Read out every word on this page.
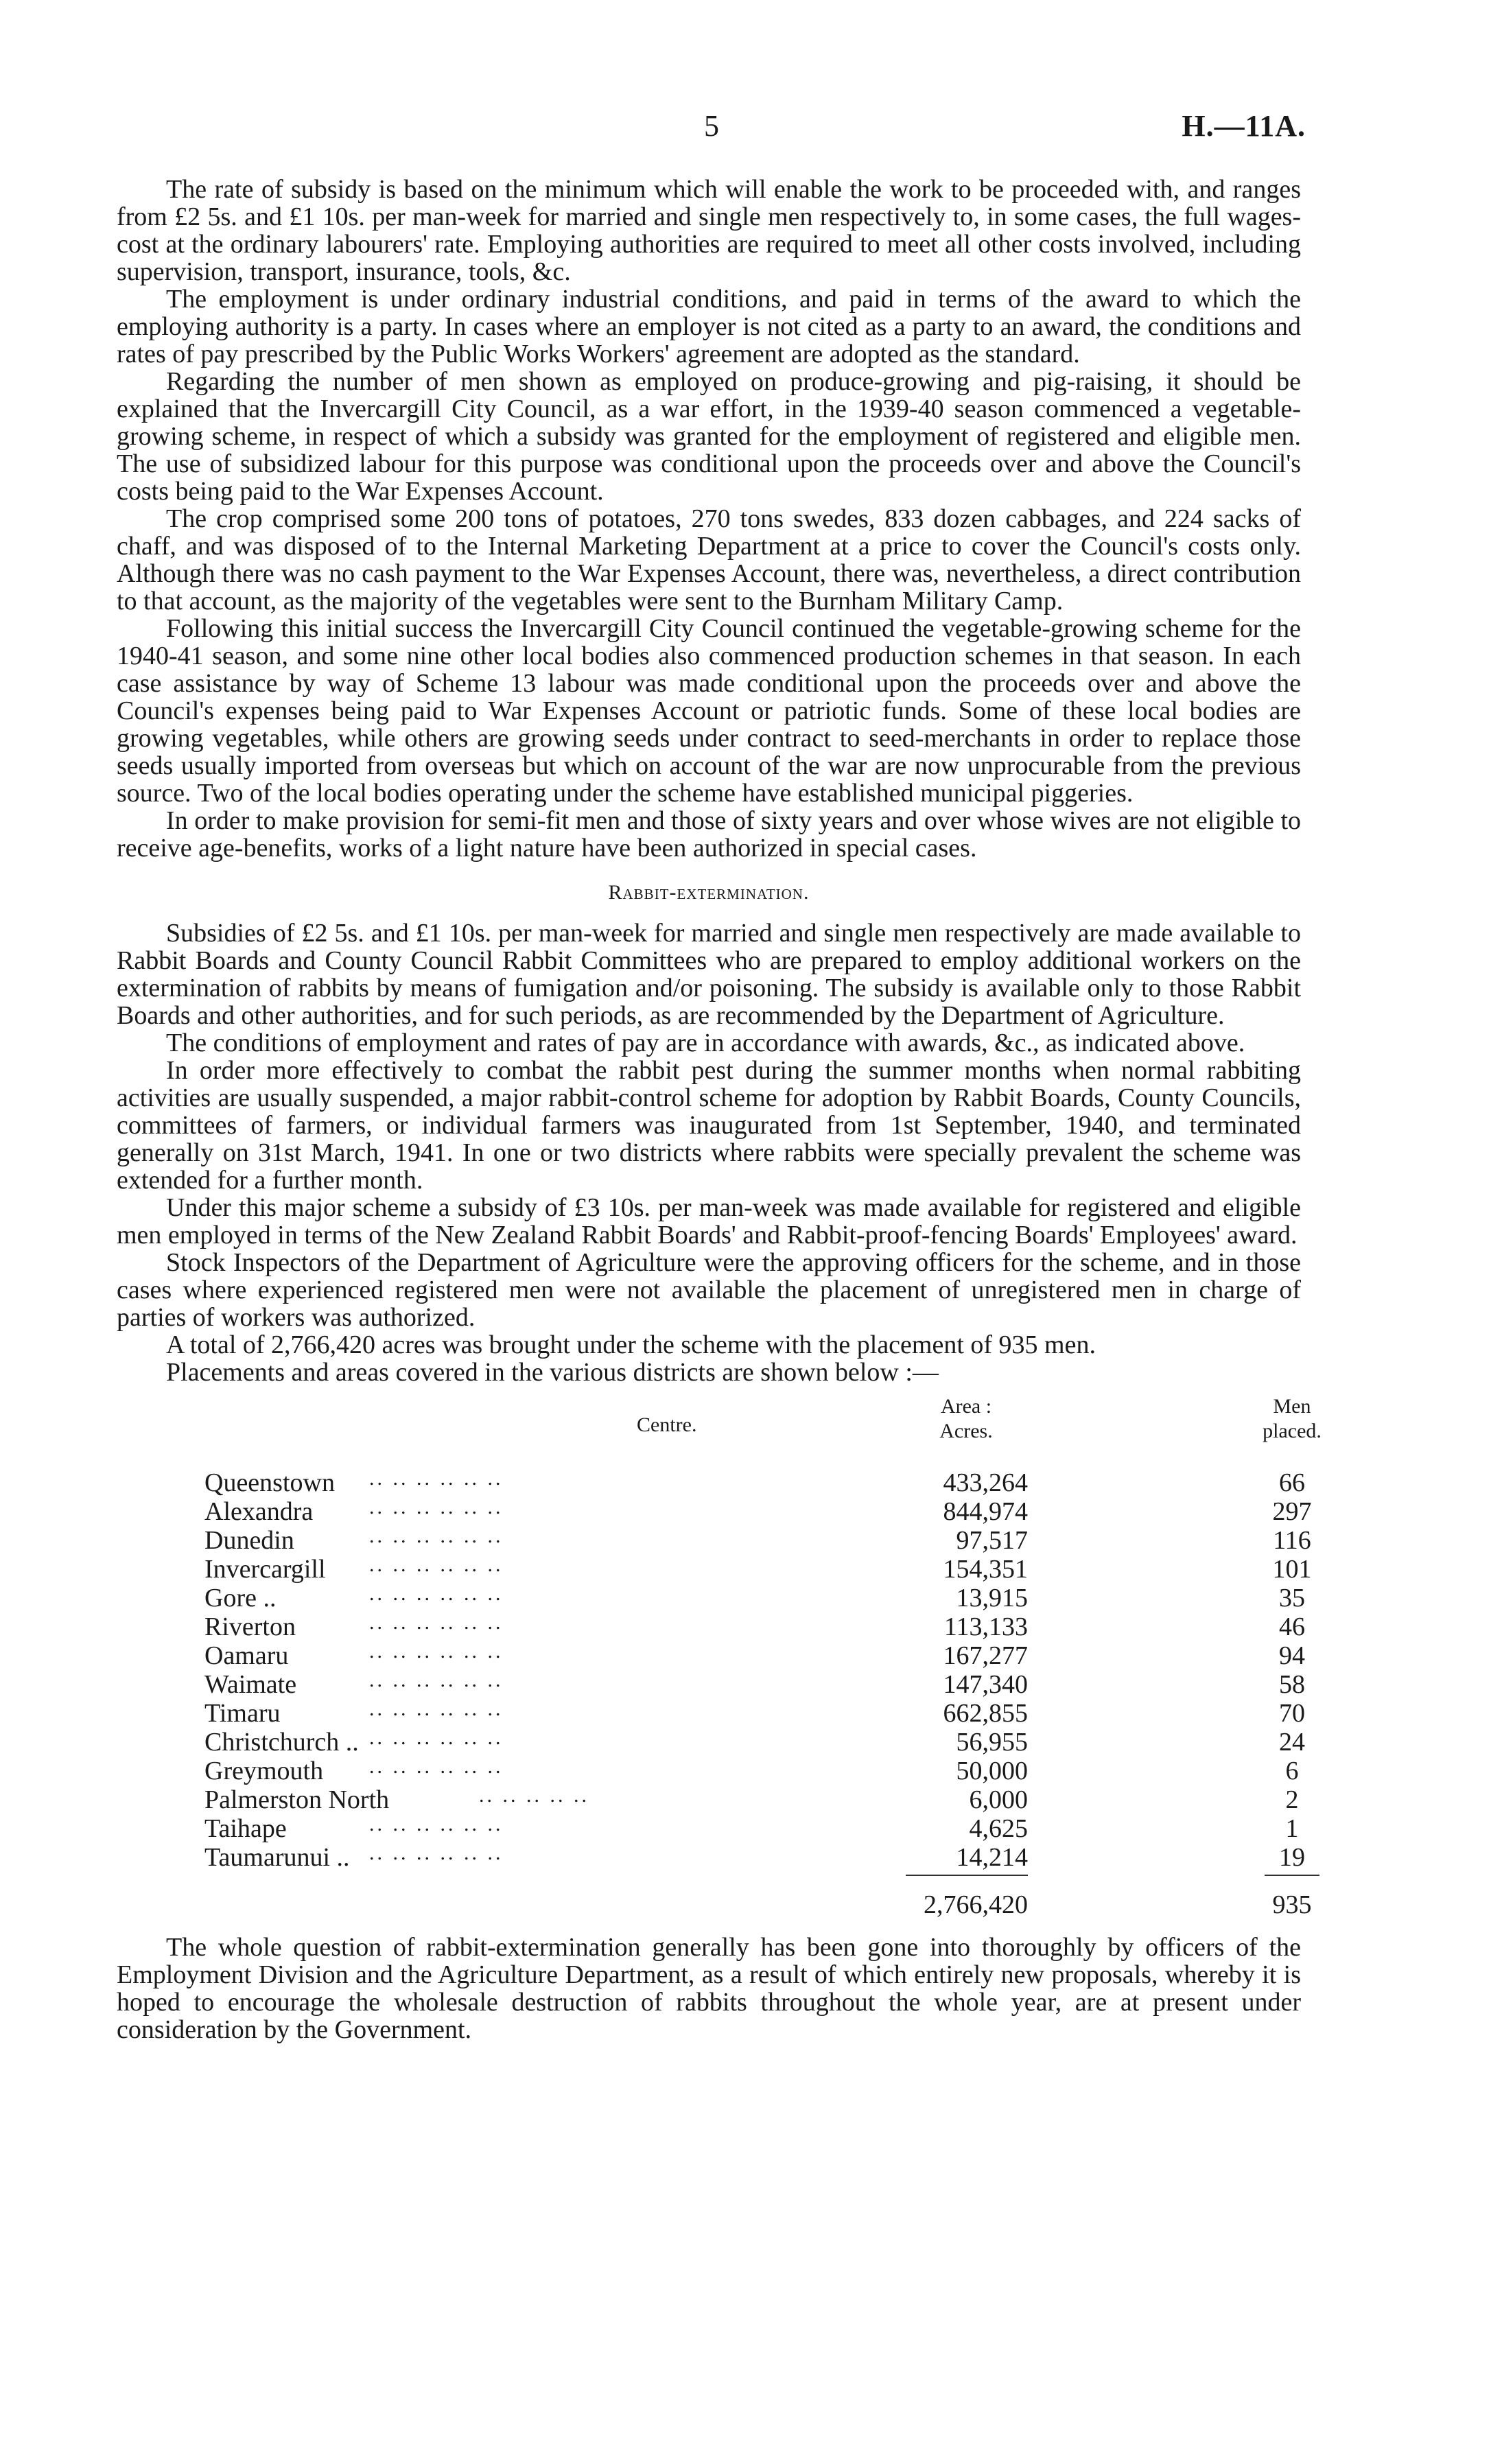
5	H.—11A.

The rate of subsidy is based on the minimum which will enable the work to be proceeded with, and ranges from £2 5s. and £1 10s. per man-week for married and single men respectively to, in some cases, the full wages-cost at the ordinary labourers' rate. Employing authorities are required to meet all other costs involved, including supervision, transport, insurance, tools, &c.

The employment is under ordinary industrial conditions, and paid in terms of the award to which the employing authority is a party. In cases where an employer is not cited as a party to an award, the conditions and rates of pay prescribed by the Public Works Workers' agreement are adopted as the standard.

Regarding the number of men shown as employed on produce-growing and pig-raising, it should be explained that the Invercargill City Council, as a war effort, in the 1939-40 season commenced a vegetable-growing scheme, in respect of which a subsidy was granted for the employment of registered and eligible men. The use of subsidized labour for this purpose was conditional upon the proceeds over and above the Council's costs being paid to the War Expenses Account.

The crop comprised some 200 tons of potatoes, 270 tons swedes, 833 dozen cabbages, and 224 sacks of chaff, and was disposed of to the Internal Marketing Department at a price to cover the Council's costs only. Although there was no cash payment to the War Expenses Account, there was, nevertheless, a direct contribution to that account, as the majority of the vegetables were sent to the Burnham Military Camp.

Following this initial success the Invercargill City Council continued the vegetable-growing scheme for the 1940-41 season, and some nine other local bodies also commenced production schemes in that season. In each case assistance by way of Scheme 13 labour was made conditional upon the proceeds over and above the Council's expenses being paid to War Expenses Account or patriotic funds. Some of these local bodies are growing vegetables, while others are growing seeds under contract to seed-merchants in order to replace those seeds usually imported from overseas but which on account of the war are now unprocurable from the previous source. Two of the local bodies operating under the scheme have established municipal piggeries.

In order to make provision for semi-fit men and those of sixty years and over whose wives are not eligible to receive age-benefits, works of a light nature have been authorized in special cases.

Rabbit-extermination.

Subsidies of £2 5s. and £1 10s. per man-week for married and single men respectively are made available to Rabbit Boards and County Council Rabbit Committees who are prepared to employ additional workers on the extermination of rabbits by means of fumigation and/or poisoning. The subsidy is available only to those Rabbit Boards and other authorities, and for such periods, as are recommended by the Department of Agriculture.

The conditions of employment and rates of pay are in accordance with awards, &c., as indicated above.

In order more effectively to combat the rabbit pest during the summer months when normal rabbiting activities are usually suspended, a major rabbit-control scheme for adoption by Rabbit Boards, County Councils, committees of farmers, or individual farmers was inaugurated from 1st September, 1940, and terminated generally on 31st March, 1941. In one or two districts where rabbits were specially prevalent the scheme was extended for a further month.

Under this major scheme a subsidy of £3 10s. per man-week was made available for registered and eligible men employed in terms of the New Zealand Rabbit Boards' and Rabbit-proof-fencing Boards' Employees' award.

Stock Inspectors of the Department of Agriculture were the approving officers for the scheme, and in those cases where experienced registered men were not available the placement of unregistered men in charge of parties of workers was authorized.

A total of 2,766,420 acres was brought under the scheme with the placement of 935 men.

Placements and areas covered in the various districts are shown below :—

Centre.
Area :
Acres.
Men
placed.
Queenstown .. .. .. .. .. ..	433,264	66
Alexandra	.. .. .. .. .. ..	844,974	297
Dunedin	.. .. .. .. .. ..	97,517	116
Invercargill .. .. .. .. .. ..	154,351	101
Gore ..	.. .. .. .. .. ..	13,915	35
Riverton	.. .. .. .. .. ..	113,133	46
Oamaru	.. .. .. .. .. ..	167,277	94
Waimate	.. .. .. .. .. ..	147,340	58
Timaru	.. .. .. .. .. ..	662,855	70
Christchurch .. .. .. .. .. .. ..	56,955	24
Greymouth .. .. .. .. .. ..	50,000	6
Palmerston North	.. .. .. .. ..	6,000	2
Taihape	.. .. .. .. .. ..	4,625	1
Taumarunui .. .. .. .. .. .. ..	14,214	19
2,766,420	935

The whole question of rabbit-extermination generally has been gone into thoroughly by officers of the Employment Division and the Agriculture Department, as a result of which entirely new proposals, whereby it is hoped to encourage the wholesale destruction of rabbits throughout the whole year, are at present under consideration by the Government.
